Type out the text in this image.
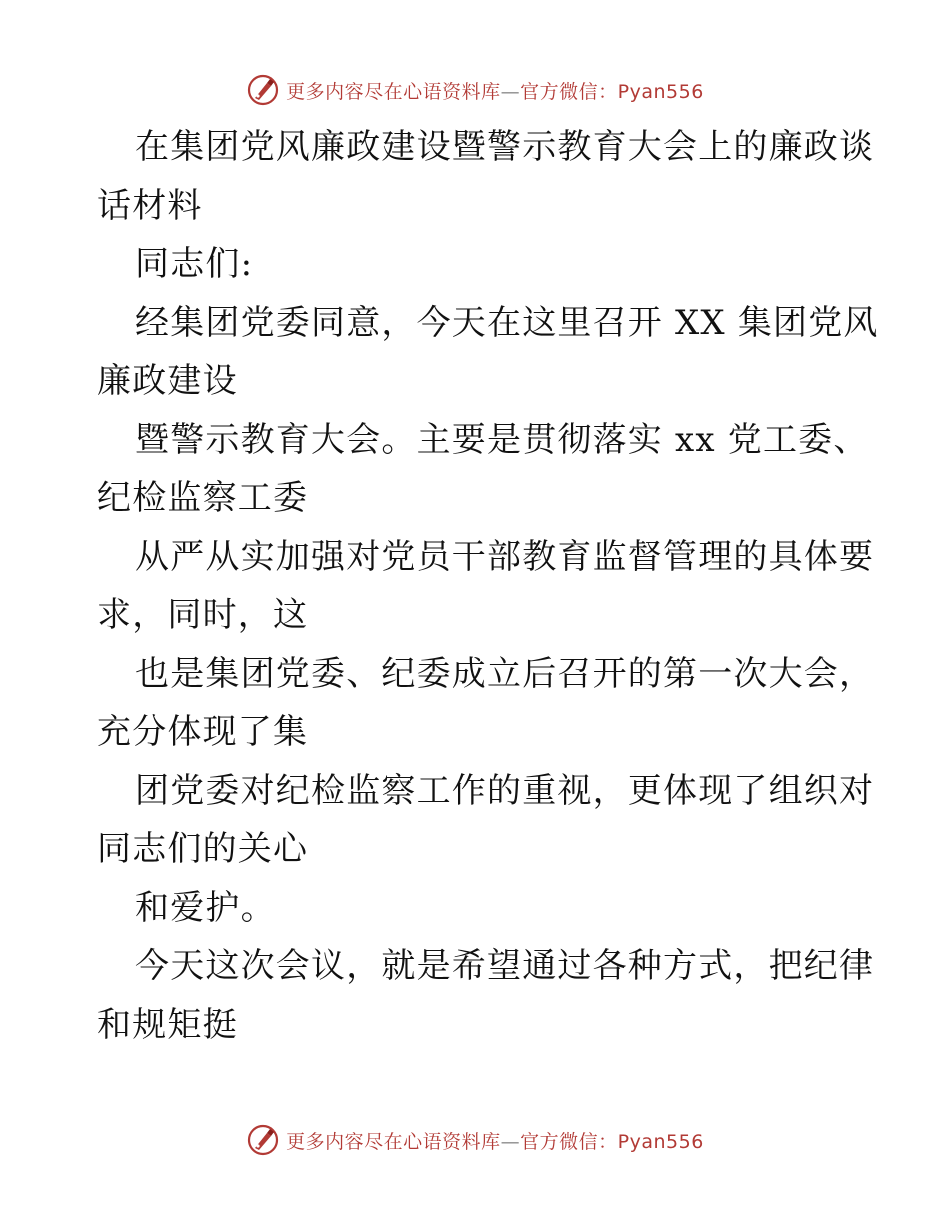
更多内容尽在心语资料库—官方微信：Pyan556
在集团党风廉政建设暨警示教育大会上的廉政谈
话材料
同志们:
经集团党委同意，今天在这里召开 XX 集团党风
廉政建设
暨警示教育大会。主要是贯彻落实 xx 党工委、
纪检监察工委
从严从实加强对党员干部教育监督管理的具体要
求，同时，这
也是集团党委、纪委成立后召开的第一次大会，
充分体现了集
团党委对纪检监察工作的重视，更体现了组织对
同志们的关心
和爱护。
今天这次会议，就是希望通过各种方式，把纪律
和规矩挺
更多内容尽在心语资料库—官方微信：Pyan556
